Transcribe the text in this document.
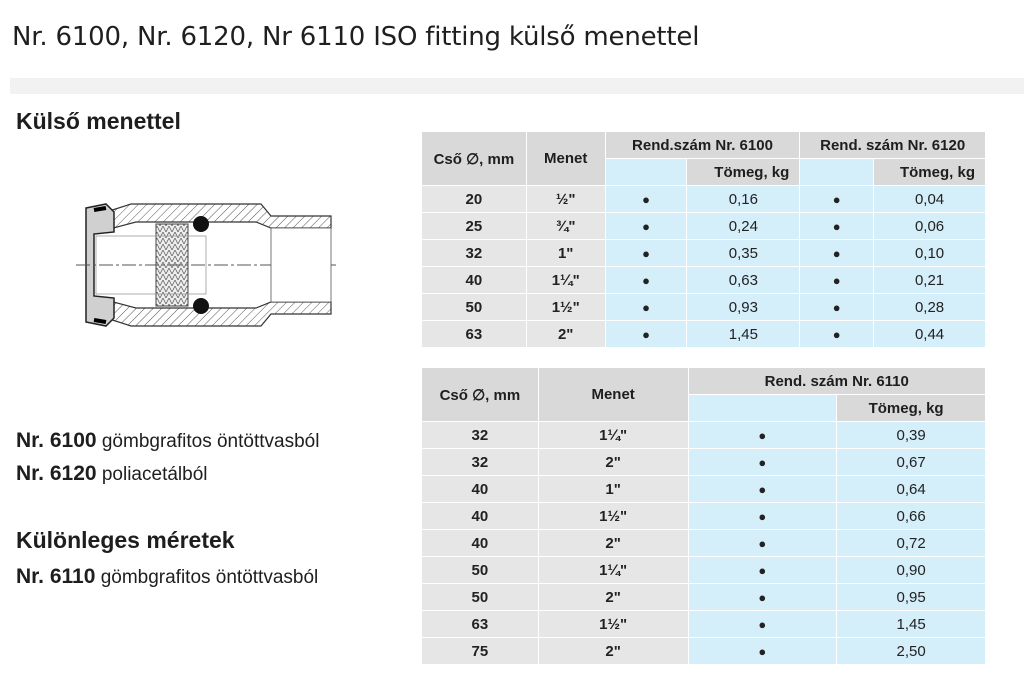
Nr. 6100, Nr. 6120, Nr 6110 ISO fitting külső menettel
Külső menettel
Nr. 6100 gömbgrafitos öntöttvasból
Nr. 6120 poliacetálból
Különleges méretek
Nr. 6110 gömbgrafitos öntöttvasból
Cső ∅, mm	Menet	Rend.szám Nr. 6100		Rend. szám Nr. 6120	
			Tömeg, kg		Tömeg, kg
20	½"	●	0,16	●	0,04
25	¾"	●	0,24	●	0,06
32	1"	●	0,35	●	0,10
40	1¼"	●	0,63	●	0,21
50	1½"	●	0,93	●	0,28
63	2"	●	1,45	●	0,44
Cső ∅, mm	Menet	Rend. szám Nr. 6110	
			Tömeg, kg
32	1¼"	●	0,39
32	2"	●	0,67
40	1"	●	0,64
40	1½"	●	0,66
40	2"	●	0,72
50	1¼"	●	0,90
50	2"	●	0,95
63	1½"	●	1,45
75	2"	●	2,50
